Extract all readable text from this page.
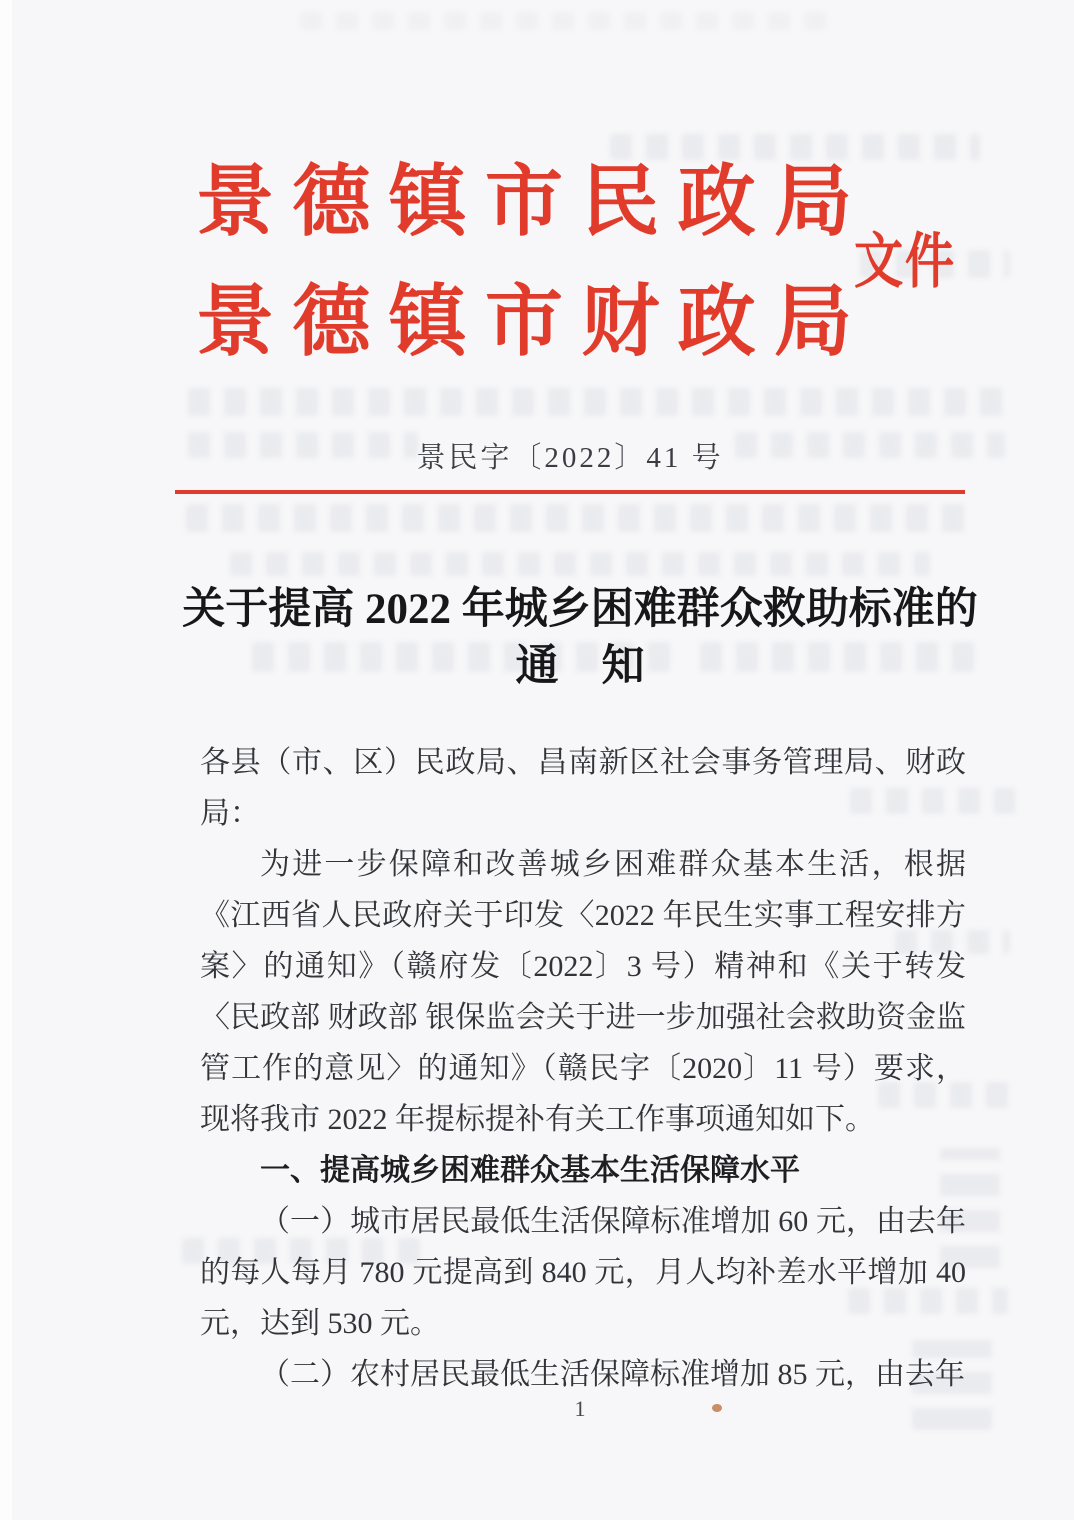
景 德 镇 市 民 政 局
景 德 镇 市 财 政 局
文件
景民字〔2022〕41 号
关于提高 2022 年城乡困难群众救助标准的
通　知

各县（市、区）民政局、昌南新区社会事务管理局、财政局：

为进一步保障和改善城乡困难群众基本生活，根据《江西省人民政府关于印发〈2022 年民生实事工程安排方案〉的通知》（赣府发〔2022〕3 号）精神和《关于转发〈民政部 财政部 银保监会关于进一步加强社会救助资金监管工作的意见〉的通知》（赣民字〔2020〕11 号）要求，现将我市 2022 年提标提补有关工作事项通知如下。

一、提高城乡困难群众基本生活保障水平

（一）城市居民最低生活保障标准增加 60 元，由去年的每人每月 780 元提高到 840 元，月人均补差水平增加 40 元，达到 530 元。

（二）农村居民最低生活保障标准增加 85 元，由去年

1
